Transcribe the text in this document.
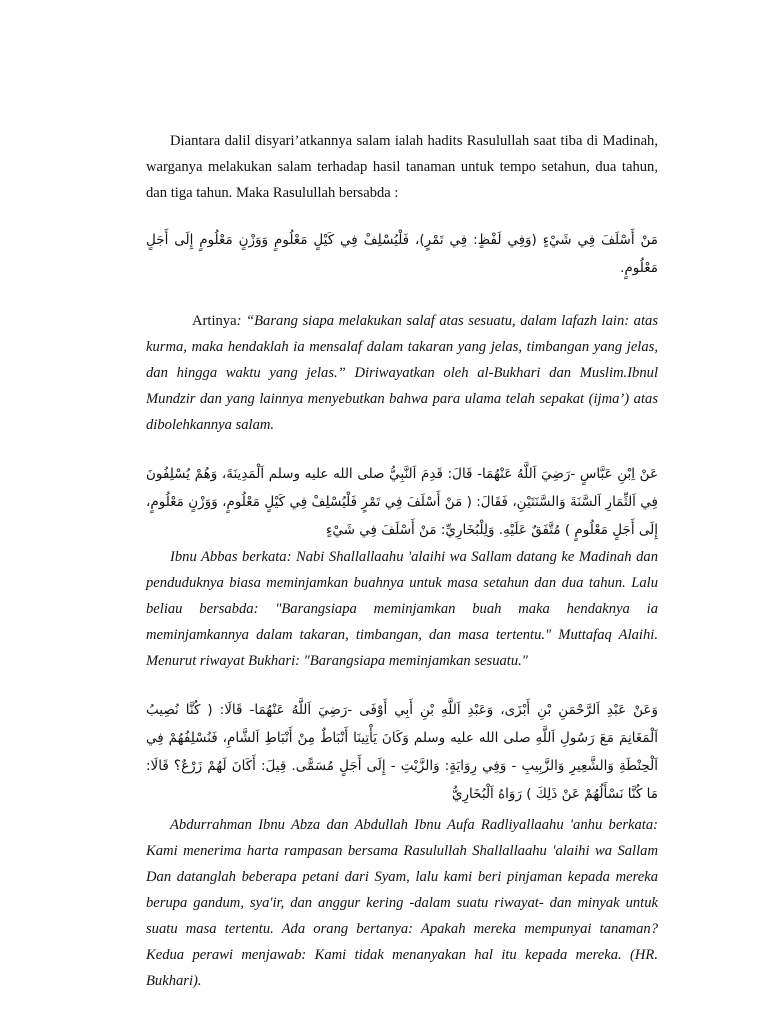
Diantara dalil disyari’atkannya salam ialah hadits Rasulullah saat tiba di Madinah, warganya melakukan salam terhadap hasil tanaman untuk tempo setahun, dua tahun, dan tiga tahun. Maka Rasulullah bersabda :

مَنْ أَسْلَفَ فِي شَيْءٍ (وَفِي لَفْظٍ: فِي تَمْرٍ)، فَلْيُسْلِفْ فِي كَيْلٍ مَعْلُومٍ وَوَزْنٍ مَعْلُومٍ إِلَى أَجَلٍ مَعْلُومٍ.

Artinya: “Barang siapa melakukan salaf atas sesuatu, dalam lafazh lain: atas kurma, maka hendaklah ia mensalaf dalam takaran yang jelas, timbangan yang jelas, dan hingga waktu yang jelas.” Diriwayatkan oleh al-Bukhari dan Muslim.Ibnul Mundzir dan yang lainnya menyebutkan bahwa para ulama telah sepakat (ijma’) atas dibolehkannya salam.

عَنْ اِبْنِ عَبَّاسٍ -رَضِيَ اَللَّهُ عَنْهُمَا- قَالَ: قَدِمَ اَلنَّبِيُّ صلى الله عليه وسلم اَلْمَدِينَةَ، وَهُمْ يُسْلِفُونَ فِي اَلثِّمَارِ اَلسَّنَةَ وَالسَّنَتَيْنِ، فَقَالَ: ( مَنْ أَسْلَفَ فِي تَمْرٍ فَلْيُسْلِفْ فِي كَيْلٍ مَعْلُومٍ، وَوَزْنٍ مَعْلُومٍ، إِلَى أَجَلٍ مَعْلُومٍ ) مُتَّفَقٌ عَلَيْهِ. وَلِلْبُخَارِيِّ: مَنْ أَسْلَفَ فِي شَيْءٍ

Ibnu Abbas berkata: Nabi Shallallaahu 'alaihi wa Sallam datang ke Madinah dan penduduknya biasa meminjamkan buahnya untuk masa setahun dan dua tahun. Lalu beliau bersabda: "Barangsiapa meminjamkan buah maka hendaknya ia meminjamkannya dalam takaran, timbangan, dan masa tertentu." Muttafaq Alaihi. Menurut riwayat Bukhari: "Barangsiapa meminjamkan sesuatu."

وَعَنْ عَبْدِ اَلرَّحْمَنِ بْنِ أَبْزَى، وَعَبْدِ اَللَّهِ بْنِ أَبِي أَوْفَى -رَضِيَ اَللَّهُ عَنْهُمَا- قَالَا: ( كُنَّا نُصِيبُ اَلْمَغَانِمَ مَعَ رَسُولِ اَللَّهِ صلى الله عليه وسلم وَكَانَ يَأْتِينَا أَنْبَاطٌ مِنْ أَنْبَاطِ اَلشَّامِ، فَنُسْلِفُهُمْ فِي اَلْحِنْطَةِ وَالشَّعِيرِ وَالزَّبِيبِ - وَفِي رِوَايَةٍ: وَالزَّيْتِ - إِلَى أَجَلٍ مُسَمًّى. قِيلَ: أَكَانَ لَهُمْ زَرْعٌ؟ قَالَا: مَا كُنَّا نَسْأَلُهُمْ عَنْ ذَلِكَ ) رَوَاهُ اَلْبُخَارِيُّ

Abdurrahman Ibnu Abza dan Abdullah Ibnu Aufa Radliyallaahu 'anhu berkata: Kami menerima harta rampasan bersama Rasulullah Shallallaahu 'alaihi wa Sallam Dan datanglah beberapa petani dari Syam, lalu kami beri pinjaman kepada mereka berupa gandum, sya'ir, dan anggur kering -dalam suatu riwayat- dan minyak untuk suatu masa tertentu. Ada orang bertanya: Apakah mereka mempunyai tanaman? Kedua perawi menjawab: Kami tidak menanyakan hal itu kepada mereka. (HR. Bukhari).
